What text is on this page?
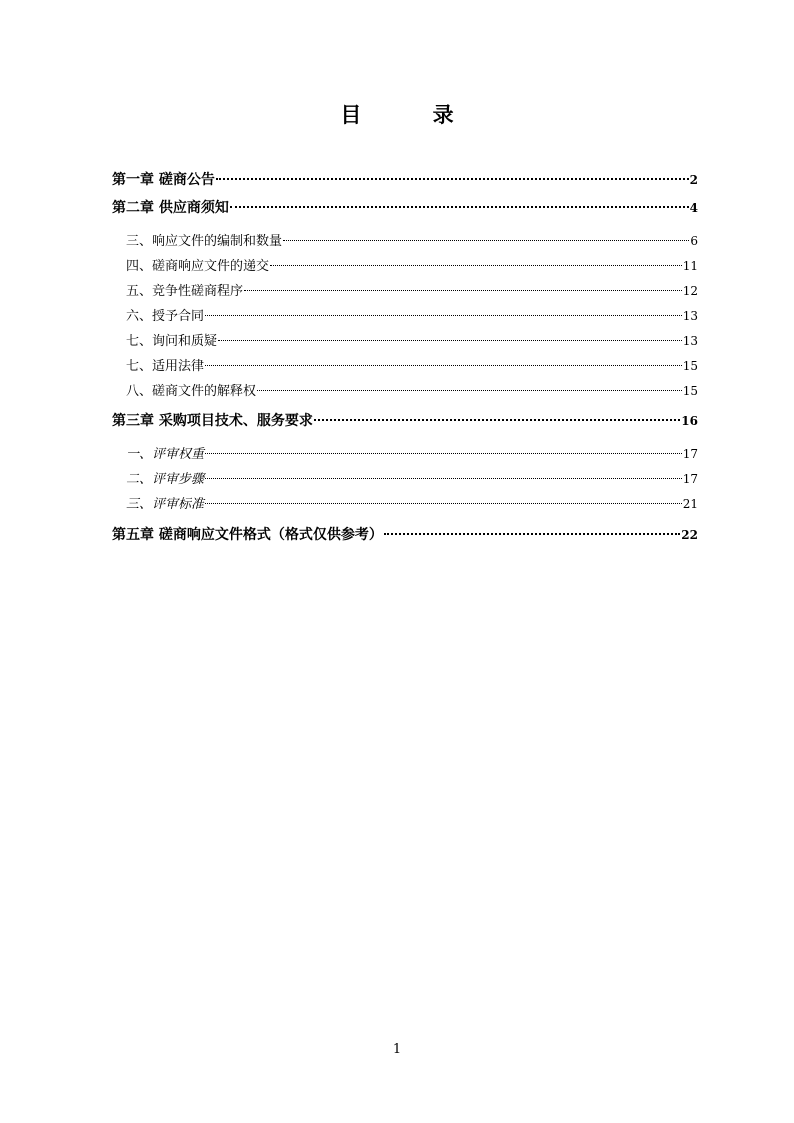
目 录
第一章 磋商公告	2
第二章 供应商须知	4
三、响应文件的编制和数量	6
四、磋商响应文件的递交	11
五、竞争性磋商程序	12
六、授予合同	13
七、询问和质疑	13
七、适用法律	15
八、磋商文件的解释权	15
第三章 采购项目技术、服务要求	16
一、评审权重	17
二、评审步骤	17
三、评审标准	21
第五章 磋商响应文件格式（格式仅供参考）	22
1
